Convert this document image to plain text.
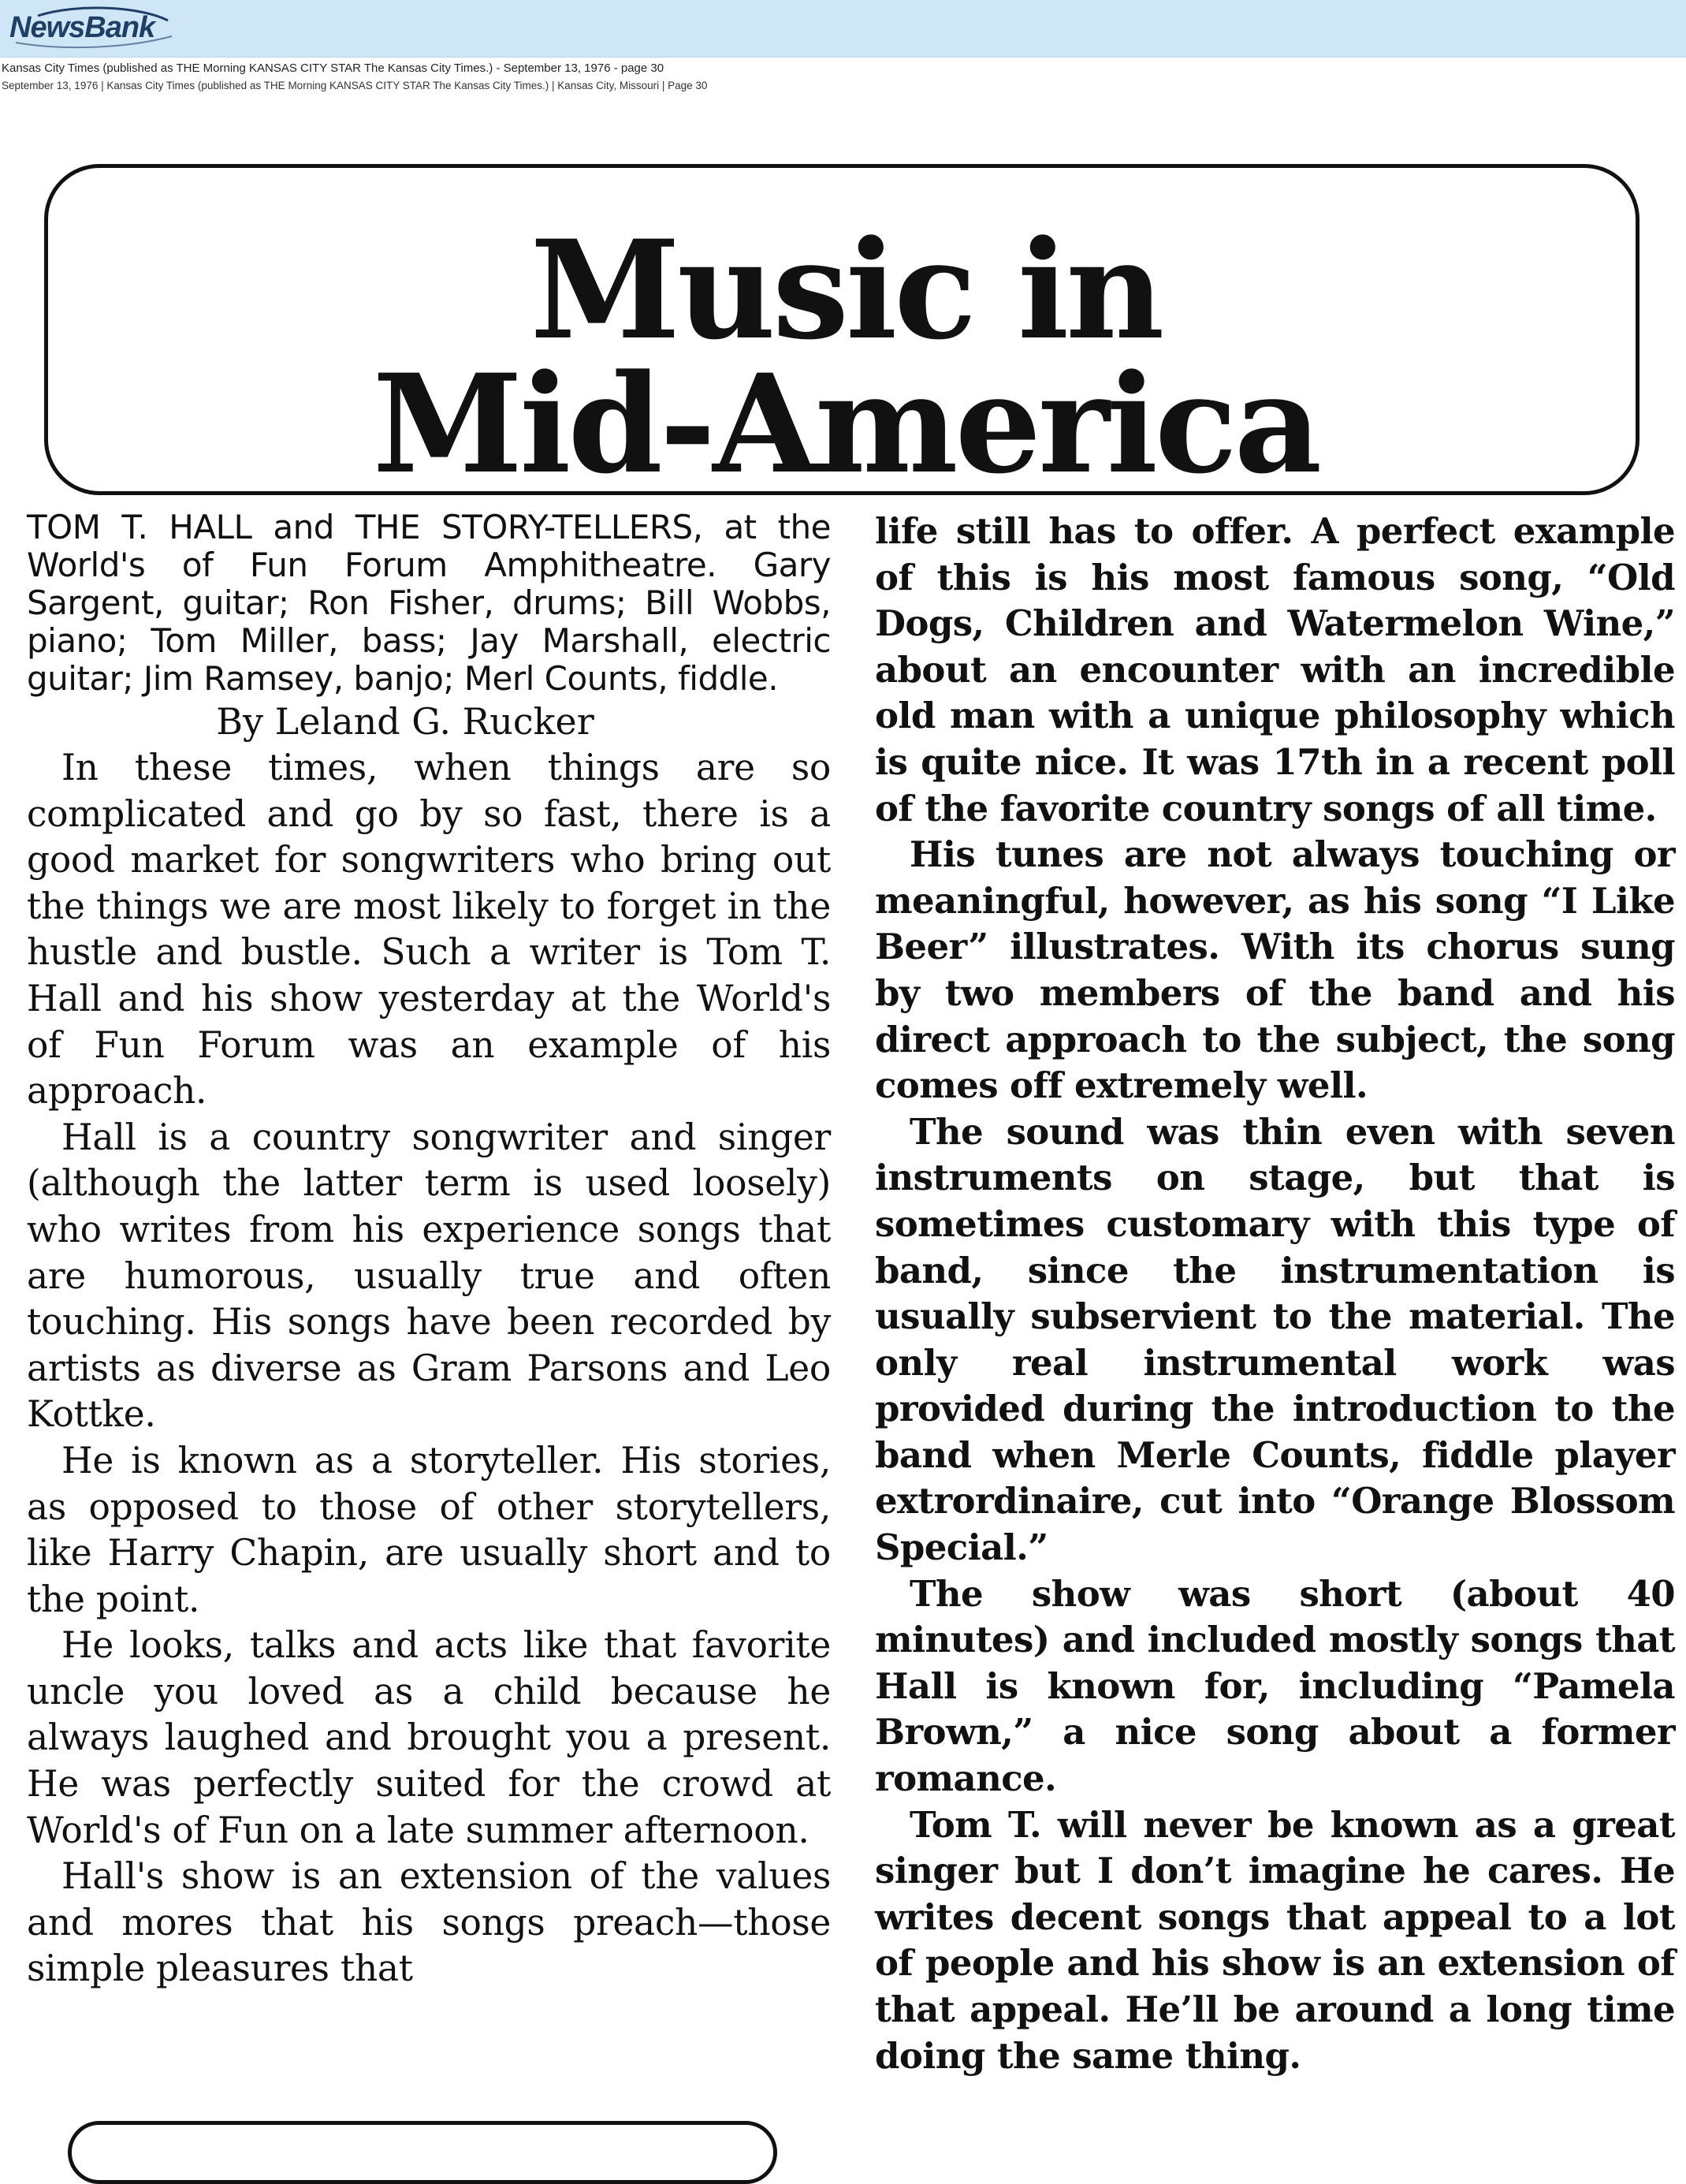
NewsBank
Kansas City Times (published as THE Morning KANSAS CITY STAR The Kansas City Times.) - September 13, 1976 - page 30
September 13, 1976 | Kansas City Times (published as THE Morning KANSAS CITY STAR The Kansas City Times.) | Kansas City, Missouri | Page 30
Music in
Mid-America

TOM T. HALL and THE STORY-TELLERS, at the World's of Fun Forum Amphitheatre. Gary Sargent, guitar; Ron Fisher, drums; Bill Wobbs, piano; Tom Miller, bass; Jay Marshall, electric guitar; Jim Ramsey, banjo; Merl Counts, fiddle.

By Leland G. Rucker

In these times, when things are so complicated and go by so fast, there is a good market for songwriters who bring out the things we are most likely to forget in the hustle and bustle. Such a writer is Tom T. Hall and his show yesterday at the World's of Fun Forum was an example of his approach.

Hall is a country songwriter and singer (although the latter term is used loosely) who writes from his experience songs that are humorous, usually true and often touching. His songs have been recorded by artists as diverse as Gram Parsons and Leo Kottke.

He is known as a storyteller. His stories, as opposed to those of other storytellers, like Harry Chapin, are usually short and to the point.

He looks, talks and acts like that favorite uncle you loved as a child because he always laughed and brought you a present. He was perfectly suited for the crowd at World's of Fun on a late summer afternoon.

Hall's show is an extension of the values and mores that his songs preach—those simple pleasures that

life still has to offer. A perfect example of this is his most famous song, “Old Dogs, Children and Watermelon Wine,” about an encounter with an incredible old man with a unique philosophy which is quite nice. It was 17th in a recent poll of the favorite country songs of all time.

His tunes are not always touching or meaningful, however, as his song “I Like Beer” illustrates. With its chorus sung by two members of the band and his direct approach to the subject, the song comes off extremely well.

The sound was thin even with seven instruments on stage, but that is sometimes customary with this type of band, since the instrumentation is usually subservient to the material. The only real instrumental work was provided during the introduction to the band when Merle Counts, fiddle player extrordinaire, cut into “Orange Blossom Special.”

The show was short (about 40 minutes) and included mostly songs that Hall is known for, including “Pamela Brown,” a nice song about a former romance.

Tom T. will never be known as a great singer but I don’t imagine he cares. He writes decent songs that appeal to a lot of people and his show is an extension of that appeal. He’ll be around a long time doing the same thing.
